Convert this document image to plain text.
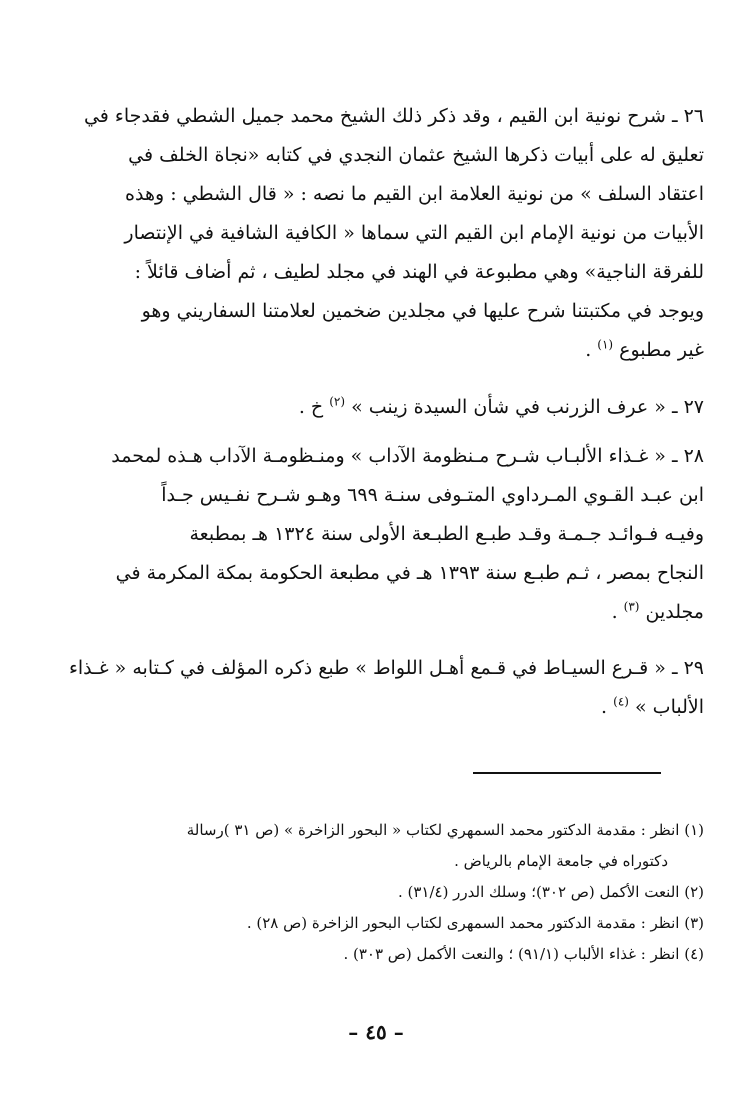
٢٦ ـ شرح نونية ابن القيم ، وقد ذكر ذلك الشيخ محمد جميل الشطي فقدجاء في

تعليق له على أبيات ذكرها الشيخ عثمان النجدي في كتابه «نجاة الخلف في

اعتقاد السلف » من نونية العلامة ابن القيم ما نصه : « قال الشطي : وهذه

الأبيات من نونية الإمام ابن القيم التي سماها « الكافية الشافية في الإنتصار

للفرقة الناجية» وهي مطبوعة في الهند في مجلد لطيف ، ثم أضاف قائلاً :

ويوجد في مكتبتنا شرح عليها في مجلدين ضخمين لعلامتنا السفاريني وهو

غير مطبوع $^{(١)}$ .

٢٧ ـ « عرف الزرنب في شأن السيدة زينب » $^{(٢)}$ خ .

٢٨ ـ « غـذاء الألبـاب شـرح مـنظومة الآداب » ومنـظومـة الآداب هـذه لمحمد

ابن عبـد القـوي المـرداوي المتـوفى سنـة ٦٩٩ وهـو شـرح نفـيس جـداً

وفيـه فـوائـد جـمـة وقـد طبـع الطبـعة الأولى سنة ١٣٢٤ هـ بمطبعة

النجاح بمصر ، ثـم طبـع سنة ١٣٩٣ هـ في مطبعة الحكومة بمكة المكرمة في

مجلدين $^{(٣)}$ .

٢٩ ـ « قـرع السيـاط في قـمع أهـل اللواط » طبع ذكره المؤلف في كـتابه « غـذاء

الألباب » $^{(٤)}$ .

(١) انظر : مقدمة الدكتور محمد السمهري لكتاب « البحور الزاخرة » (ص ٣١ )رسالة

دكتوراه في جامعة الإمام بالرياض .

(٢) النعت الأكمل (ص ٣٠٢)؛ وسلك الدرر (٣١/٤) .

(٣) انظر : مقدمة الدكتور محمد السمهرى لكتاب البحور الزاخرة (ص ٢٨) .

(٤) انظر : غذاء الألباب (٩١/١) ؛ والنعت الأكمل (ص ٣٠٣) .

– ٤٥ –
